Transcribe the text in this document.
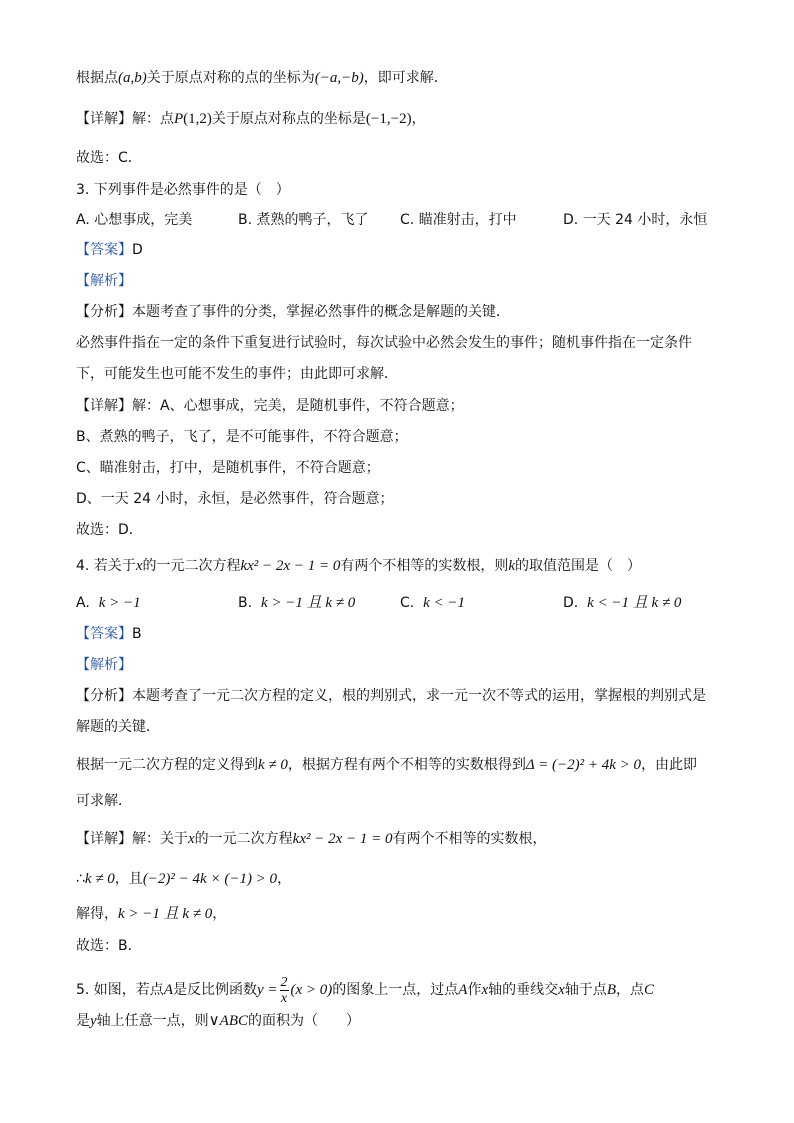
根据点(a,b)关于原点对称的点的坐标为(−a,−b)，即可求解．
【详解】解：点P(1,2)关于原点对称点的坐标是(−1,−2)，
故选：C．
3. 下列事件是必然事件的是（　）
A. 心想事成，完美	B. 煮熟的鸭子，飞了 C. 瞄准射击，打中	D. 一天 24 小时，永恒
【答案】D
【解析】
【分析】本题考查了事件的分类，掌握必然事件的概念是解题的关键．
必然事件指在一定的条件下重复进行试验时，每次试验中必然会发生的事件；随机事件指在一定条件
下，可能发生也可能不发生的事件；由此即可求解．
【详解】解：A、心想事成，完美，是随机事件，不符合题意；
B、煮熟的鸭子，飞了，是不可能事件，不符合题意；
C、瞄准射击，打中，是随机事件，不符合题意；
D、一天 24 小时，永恒，是必然事件，符合题意；
故选：D．
4. 若关于x的一元二次方程kx² − 2x − 1 = 0有两个不相等的实数根，则k的取值范围是（　）
A. k > −1	B. k > −1 且 k ≠ 0	C. k < −1	D. k < −1 且 k ≠ 0
【答案】B
【解析】
【分析】本题考查了一元二次方程的定义，根的判别式，求一元一次不等式的运用，掌握根的判别式是
解题的关键．
根据一元二次方程的定义得到k ≠ 0，根据方程有两个不相等的实数根得到Δ = (−2)² + 4k > 0，由此即
可求解．
【详解】解：关于x的一元二次方程kx² − 2x − 1 = 0有两个不相等的实数根，
∴k ≠ 0，且(−2)² − 4k × (−1) > 0，
解得，k > −1 且 k ≠ 0，
故选：B．
5. 如图，若点A是反比例函数$y = \frac{2}{x} (x > 0)$的图象上一点，过点A作x轴的垂线交x轴于点B，点C
是y轴上任意一点，则∨ABC的面积为（　　）
